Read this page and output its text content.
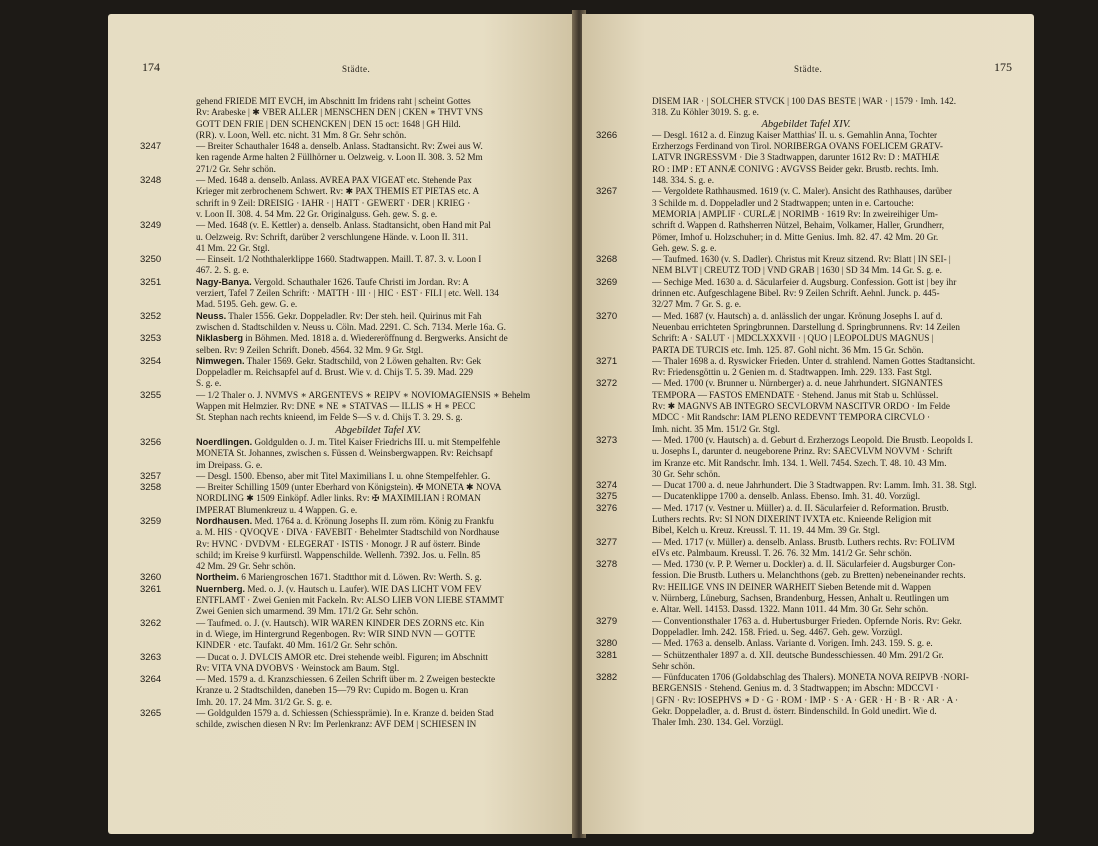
174	Städte.
gehend FRIEDE MIT EVCH, im Abschnitt Im fridens raht | scheint Gottes
Rv: Arabeske | ✱ VBER ALLER | MENSCHEN DEN | CKEN ∗ THVT VNS
GOTT DEN FRIE | DEN SCHENCKEN | DEN 15 oct: 1648 | GH Hild.
(RR). v. Loon, Well. etc. nicht. 31 Mm. 8 Gr. Sehr schön.
3247	— Breiter Schauthaler 1648 a. denselb. Anlass. Stadtansicht. Rv: Zwei aus W.
ken ragende Arme halten 2 Füllhörner u. Oelzweig. v. Loon II. 308. 3. 52 Mm
271/2 Gr. Sehr schön.
3248	— Med. 1648 a. denselb. Anlass. AVREA PAX VIGEAT etc. Stehende Pax
Krieger mit zerbrochenem Schwert. Rv: ✱ PAX THEMIS ET PIETAS etc. A
schrift in 9 Zeil: DREISIG · IAHR · | HATT · GEWERT · DER | KRIEG ·
v. Loon II. 308. 4. 54 Mm. 22 Gr. Originalguss. Geh. gew. S. g. e.
3249	— Med. 1648 (v. E. Kettler) a. denselb. Anlass. Stadtansicht, oben Hand mit Pal
u. Oelzweig. Rv: Schrift, darüber 2 verschlungene Hände. v. Loon II. 311.
41 Mm. 22 Gr. Stgl.
3250	— Einseit. 1/2 Noththalerklippe 1660. Stadtwappen. Maill. T. 87. 3. v. Loon I
467. 2. S. g. e.
3251	Nagy-Banya. Vergold. Schauthaler 1626. Taufe Christi im Jordan. Rv: A
verziert, Tafel 7 Zeilen Schrift: · MATTH · III · | HIC · EST · FILI | etc. Well. 134
Mad. 5195. Geh. gew. G. e.
3252	Neuss. Thaler 1556. Gekr. Doppeladler. Rv: Der steh. heil. Quirinus mit Fah
zwischen d. Stadtschilden v. Neuss u. Cöln. Mad. 2291. C. Sch. 7134. Merle 16a. G.
3253	Niklasberg in Böhmen. Med. 1818 a. d. Wiedereröffnung d. Bergwerks. Ansicht de
selben. Rv: 9 Zeilen Schrift. Doneb. 4564. 32 Mm. 9 Gr. Stgl.
3254	Nimwegen. Thaler 1569. Gekr. Stadtschild, von 2 Löwen gehalten. Rv: Gek
Doppeladler m. Reichsapfel auf d. Brust. Wie v. d. Chijs T. 5. 39. Mad. 229
S. g. e.
3255	— 1/2 Thaler o. J. NVMVS ∗ ARGENTEVS ∗ REIPV ∗ NOVIOMAGIENSIS ∗ Behelm
Wappen mit Helmzier. Rv: DNE ∗ NE ∗ STATVAS — ILLIS ∗ H ∗ PECC
St. Stephan nach rechts knieend, im Felde S—S v. d. Chijs T. 3. 29. S. g.
Abgebildet Tafel XV.
3256	Noerdlingen. Goldgulden o. J. m. Titel Kaiser Friedrichs III. u. mit Stempelfehle
MONETA St. Johannes, zwischen s. Füssen d. Weinsbergwappen. Rv: Reichsapf
im Dreipass. G. e.
3257	— Desgl. 1500. Ebenso, aber mit Titel Maximilians I. u. ohne Stempelfehler. G.
3258	— Breiter Schilling 1509 (unter Eberhard von Königstein). ✠ MONETA ✱ NOVA
NORDLING ✱ 1509 Einköpf. Adler links. Rv: ✠ MAXIMILIAN ⁞ ROMAN
IMPERAT Blumenkreuz u. 4 Wappen. G. e.
3259	Nordhausen. Med. 1764 a. d. Krönung Josephs II. zum röm. König zu Frankfu
a. M. HIS · QVOQVE · DIVA · FAVEBIT · Behelmter Stadtschild von Nordhause
Rv: HVNC · DVDVM · ELEGERAT · ISTIS · Monogr. J R auf österr. Binde
schild; im Kreise 9 kurfürstl. Wappenschilde. Wellenh. 7392. Jos. u. Felln. 85
42 Mm. 29 Gr. Sehr schön.
3260	Northeim. 6 Mariengroschen 1671. Stadtthor mit d. Löwen. Rv: Werth. S. g.
3261	Nuernberg. Med. o. J. (v. Hautsch u. Laufer). WIE DAS LICHT VOM FEV
ENTFLAMT · Zwei Genien mit Fackeln. Rv: ALSO LIEB VON LIEBE STAMMT
Zwei Genien sich umarmend. 39 Mm. 171/2 Gr. Sehr schön.
3262	— Taufmed. o. J. (v. Hautsch). WIR WAREN KINDER DES ZORNS etc. Kin
in d. Wiege, im Hintergrund Regenbogen. Rv: WIR SIND NVN — GOTTE
KINDER · etc. Taufakt. 40 Mm. 161/2 Gr. Sehr schön.
3263	— Ducat o. J. DVLCIS AMOR etc. Drei stehende weibl. Figuren; im Abschnitt
Rv: VITA VNA DVOBVS · Weinstock am Baum. Stgl.
3264	— Med. 1579 a. d. Kranzschiessen. 6 Zeilen Schrift über m. 2 Zweigen besteckte
Kranze u. 2 Stadtschilden, daneben 15—79 Rv: Cupido m. Bogen u. Kran
Imh. 20. 17. 24 Mm. 31/2 Gr. S. g. e.
3265	— Goldgulden 1579 a. d. Schiessen (Schiessprämie). In e. Kranze d. beiden Stad
schilde, zwischen diesen N Rv: Im Perlenkranz: AVF DEM | SCHIESEN IN
175
Städte.
DISEM IAR · | SOLCHER STVCK | 100 DAS BESTE | WAR · | 1579 · Imh. 142.
318. Zu Köhler 3019. S. g. e.
Abgebildet Tafel XIV.
3266	— Desgl. 1612 a. d. Einzug Kaiser Matthias' II. u. s. Gemahlin Anna, Tochter
Erzherzogs Ferdinand von Tirol. NORIBERGA OVANS FOELICEM GRATV-
LATVR INGRESSVM · Die 3 Stadtwappen, darunter 1612 Rv: D : MATHIÆ
RO : IMP : ET ANNÆ CONIVG : AVGVSS Beider gekr. Brustb. rechts. Imh.
148. 334. S. g. e.
3267	— Vergoldete Rathhausmed. 1619 (v. C. Maler). Ansicht des Rathhauses, darüber
3 Schilde m. d. Doppeladler und 2 Stadtwappen; unten in e. Cartouche:
MEMORIA | AMPLIF · CURLÆ | NORIMB · 1619 Rv: In zweireihiger Um-
schrift d. Wappen d. Rathsherren Nützel, Behaim, Volkamer, Haller, Grundherr,
Pömer, Imhof u. Holzschuher; in d. Mitte Genius. Imh. 82. 47. 42 Mm. 20 Gr.
Geh. gew. S. g. e.
3268	— Taufmed. 1630 (v. S. Dadler). Christus mit Kreuz sitzend. Rv: Blatt | IN SEI- |
NEM BLVT | CREUTZ TOD | VND GRAB | 1630 | SD 34 Mm. 14 Gr. S. g. e.
3269	— Sechige Med. 1630 a. d. Säcularfeier d. Augsburg. Confession. Gott ist | bey ihr
drinnen etc. Aufgeschlagene Bibel. Rv: 9 Zeilen Schrift. Aehnl. Junck. p. 445-
32/27 Mm. 7 Gr. S. g. e.
3270	— Med. 1687 (v. Hautsch) a. d. anlässlich der ungar. Krönung Josephs I. auf d.
Neuenbau errichteten Springbrunnen. Darstellung d. Springbrunnens. Rv: 14 Zeilen
Schrift: A · SALUT · | MDCLXXXVII · | QUO | LEOPOLDUS MAGNUS |
PARTA DE TURCIS etc. Imh. 125. 87. Gohl nicht. 36 Mm. 15 Gr. Schön.
3271	— Thaler 1698 a. d. Ryswicker Frieden. Unter d. strahlend. Namen Gottes Stadtansicht.
Rv: Friedensgöttin u. 2 Genien m. d. Stadtwappen. Imh. 229. 133. Fast Stgl.
3272	— Med. 1700 (v. Brunner u. Nürnberger) a. d. neue Jahrhundert. SIGNANTES
TEMPORA — FASTOS EMENDATE · Stehend. Janus mit Stab u. Schlüssel.
Rv: ✱ MAGNVS AB INTEGRO SECVLORVM NASCITVR ORDO · Im Felde
MDCC · Mit Randschr: IAM PLENO REDEVNT TEMPORA CIRCVLO ·
Imh. nicht. 35 Mm. 151/2 Gr. Stgl.
3273	— Med. 1700 (v. Hautsch) a. d. Geburt d. Erzherzogs Leopold. Die Brustb. Leopolds I.
u. Josephs I., darunter d. neugeborene Prinz. Rv: SAECVLVM NOVVM · Schrift
im Kranze etc. Mit Randschr. Imh. 134. 1. Well. 7454. Szech. T. 48. 10. 43 Mm.
30 Gr. Sehr schön.
3274	— Ducat 1700 a. d. neue Jahrhundert. Die 3 Stadtwappen. Rv: Lamm. Imh. 31. 38. Stgl.
3275	— Ducatenklippe 1700 a. denselb. Anlass. Ebenso. Imh. 31. 40. Vorzügl.
3276	— Med. 1717 (v. Vestner u. Müller) a. d. II. Säcularfeier d. Reformation. Brustb.
Luthers rechts. Rv: SI NON DIXERINT IVXTA etc. Knieende Religion mit
Bibel, Kelch u. Kreuz. Kreussl. T. 11. 19. 44 Mm. 39 Gr. Stgl.
3277	— Med. 1717 (v. Müller) a. denselb. Anlass. Brustb. Luthers rechts. Rv: FOLIVM
eIVs etc. Palmbaum. Kreussl. T. 26. 76. 32 Mm. 141/2 Gr. Sehr schön.
3278	— Med. 1730 (v. P. P. Werner u. Dockler) a. d. II. Säcularfeier d. Augsburger Con-
fession. Die Brustb. Luthers u. Melanchthons (geb. zu Bretten) nebeneinander rechts.
Rv: HEILIGE VNS IN DEINER WARHEIT Sieben Betende mit d. Wappen
v. Nürnberg, Lüneburg, Sachsen, Brandenburg, Hessen, Anhalt u. Reutlingen um
e. Altar. Well. 14153. Dassd. 1322. Mann 1011. 44 Mm. 30 Gr. Sehr schön.
3279	— Conventionsthaler 1763 a. d. Hubertusburger Frieden. Opfernde Noris. Rv: Gekr.
Doppeladler. Imh. 242. 158. Fried. u. Seg. 4467. Geh. gew. Vorzügl.
3280	— Med. 1763 a. denselb. Anlass. Variante d. Vorigen. Imh. 243. 159. S. g. e.
3281	— Schützenthaler 1897 a. d. XII. deutsche Bundesschiessen. 40 Mm. 291/2 Gr.
Sehr schön.
3282	— Fünfducaten 1706 (Goldabschlag des Thalers). MONETA NOVA REIPVB ·NORI-
BERGENSIS · Stehend. Genius m. d. 3 Stadtwappen; im Abschn: MDCCVI ·
| GFN · Rv: IOSEPHVS ∗ D · G · ROM · IMP · S · A · GER · H · B · R · AR · A ·
Gekr. Doppeladler, a. d. Brust d. österr. Bindenschild. In Gold unedirt. Wie d.
Thaler Imh. 230. 134. Gel. Vorzügl.
